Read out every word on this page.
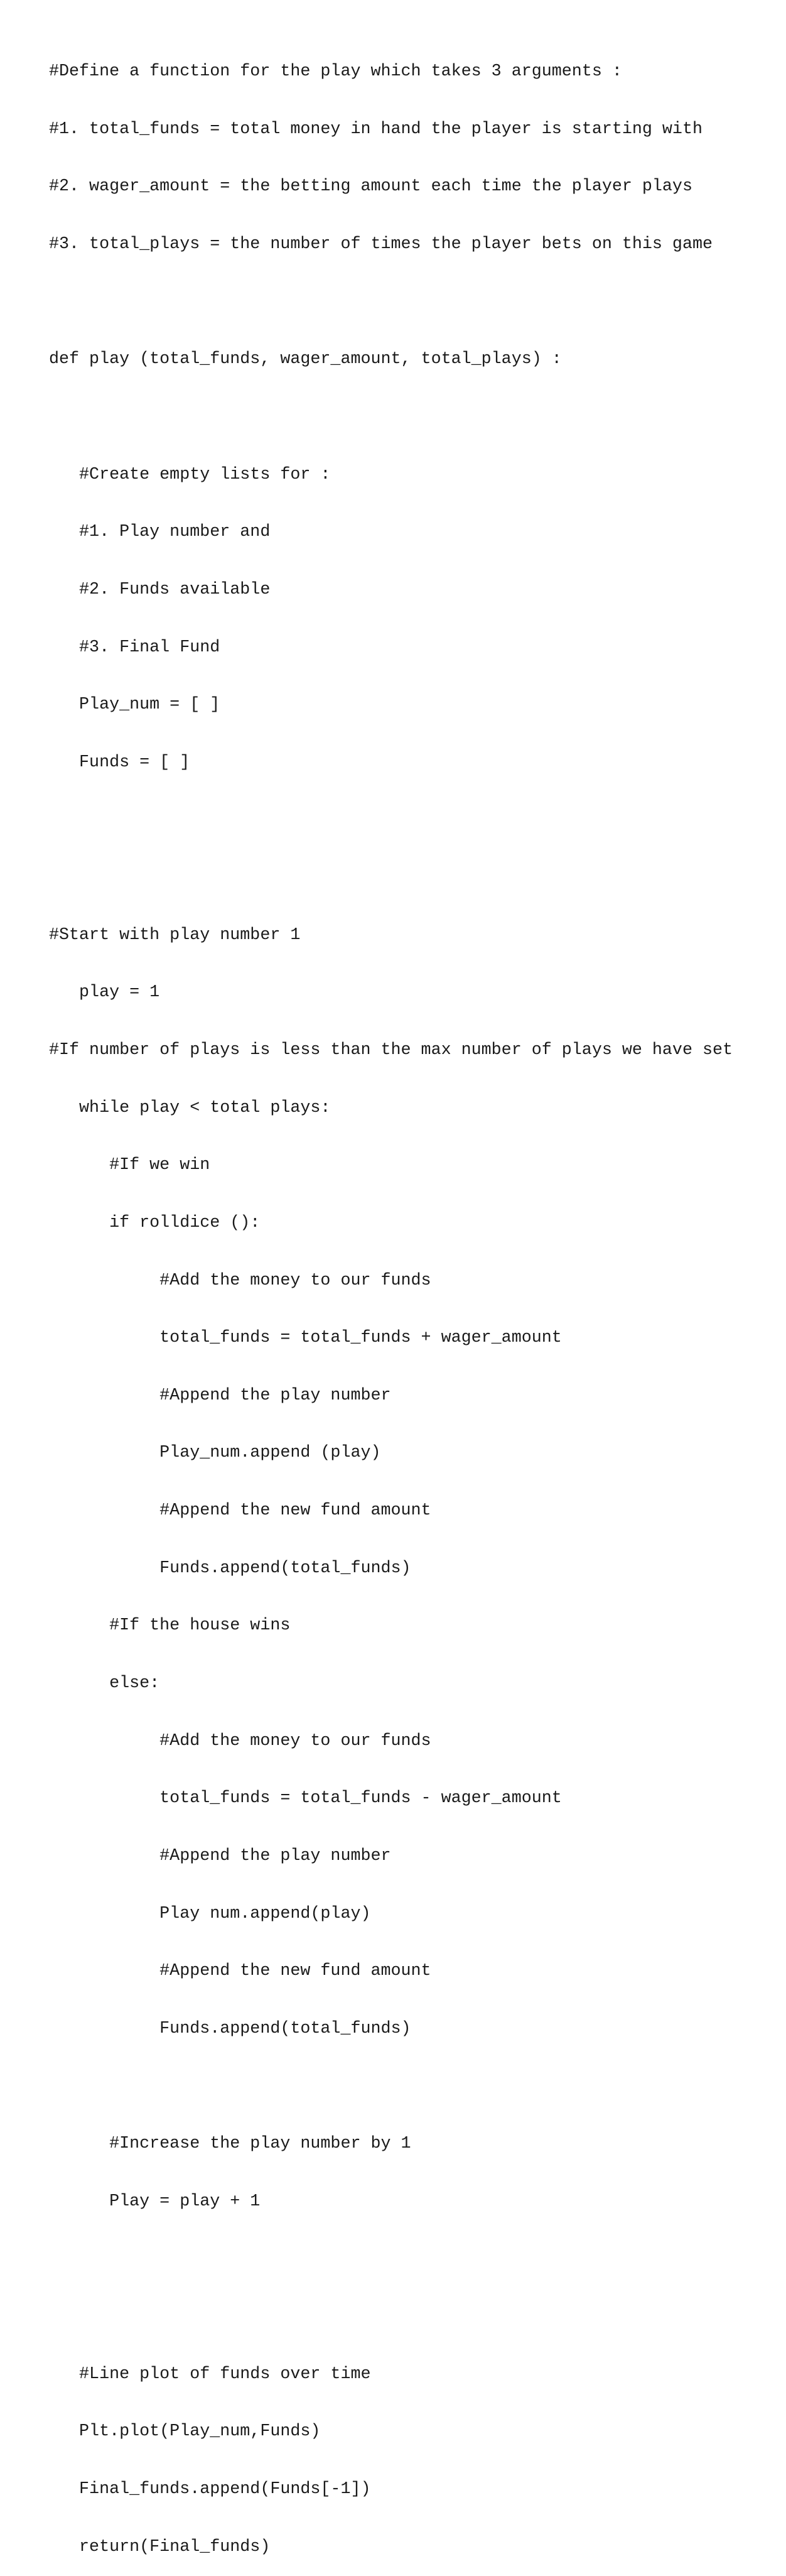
#Define a function for the play which takes 3 arguments :

#1. total_funds = total money in hand the player is starting with

#2. wager_amount = the betting amount each time the player plays

#3. total_plays = the number of times the player bets on this game

def play (total_funds, wager_amount, total_plays) :

#Create empty lists for :

#1. Play number and

#2. Funds available

#3. Final Fund

Play_num = [ ]

Funds = [ ]

#Start with play number 1

play = 1

#If number of plays is less than the max number of plays we have set

while play < total plays:

#If we win

if rolldice ():

#Add the money to our funds

total_funds = total_funds + wager_amount

#Append the play number

Play_num.append (play)

#Append the new fund amount

Funds.append(total_funds)

#If the house wins

else:

#Add the money to our funds

total_funds = total_funds - wager_amount

#Append the play number

Play num.append(play)

#Append the new fund amount

Funds.append(total_funds)

#Increase the play number by 1

Play = play + 1

#Line plot of funds over time

Plt.plot(Play_num,Funds)

Final_funds.append(Funds[-1])

return(Final_funds)
